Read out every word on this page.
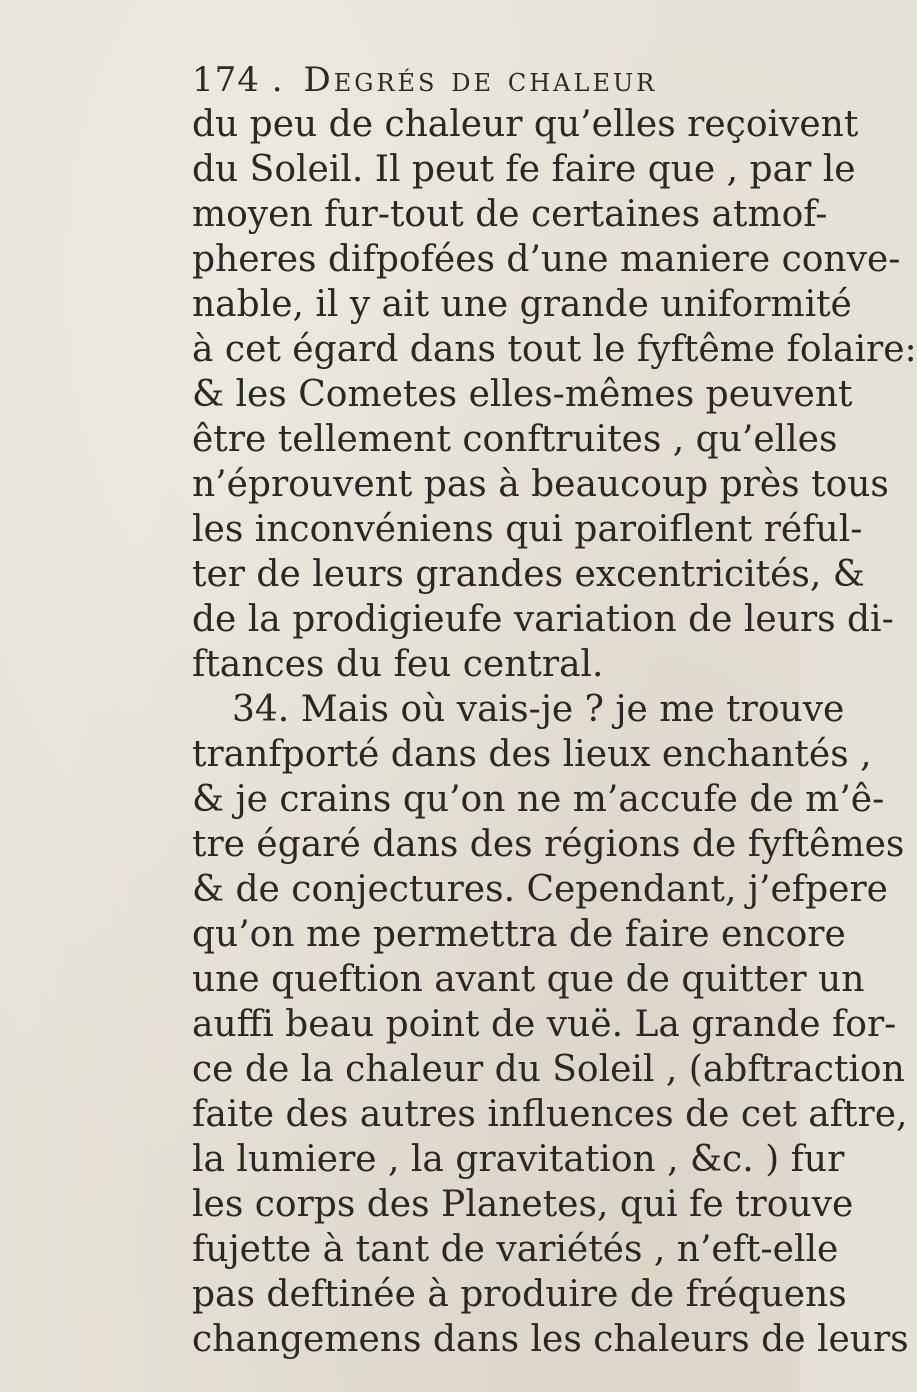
174 . Degrés de chaleur
du peu de chaleur qu’elles reçoivent
du Soleil. Il peut fe faire que , par le
moyen fur-tout de certaines atmof-
pheres difpofées d’une maniere conve-
nable, il y ait une grande uniformité
à cet égard dans tout le fyftême folaire:
& les Cometes elles-mêmes peuvent
être tellement conftruites , qu’elles
n’éprouvent pas à beaucoup près tous
les inconvéniens qui paroiflent réful-
ter de leurs grandes excentricités, &
de la prodigieufe variation de leurs di-
ftances du feu central.
34. Mais où vais-je ? je me trouve
tranfporté dans des lieux enchantés ,
& je crains qu’on ne m’accufe de m’ê-
tre égaré dans des régions de fyftêmes
& de conjectures. Cependant, j’efpere
qu’on me permettra de faire encore
une queftion avant que de quitter un
auffi beau point de vuë. La grande for-
ce de la chaleur du Soleil , (abftraction
faite des autres influences de cet aftre,
la lumiere , la gravitation , &c. ) fur
les corps des Planetes, qui fe trouve
fujette à tant de variétés , n’eft-elle
pas deftinée à produire de fréquens
changemens dans les chaleurs de leurs
